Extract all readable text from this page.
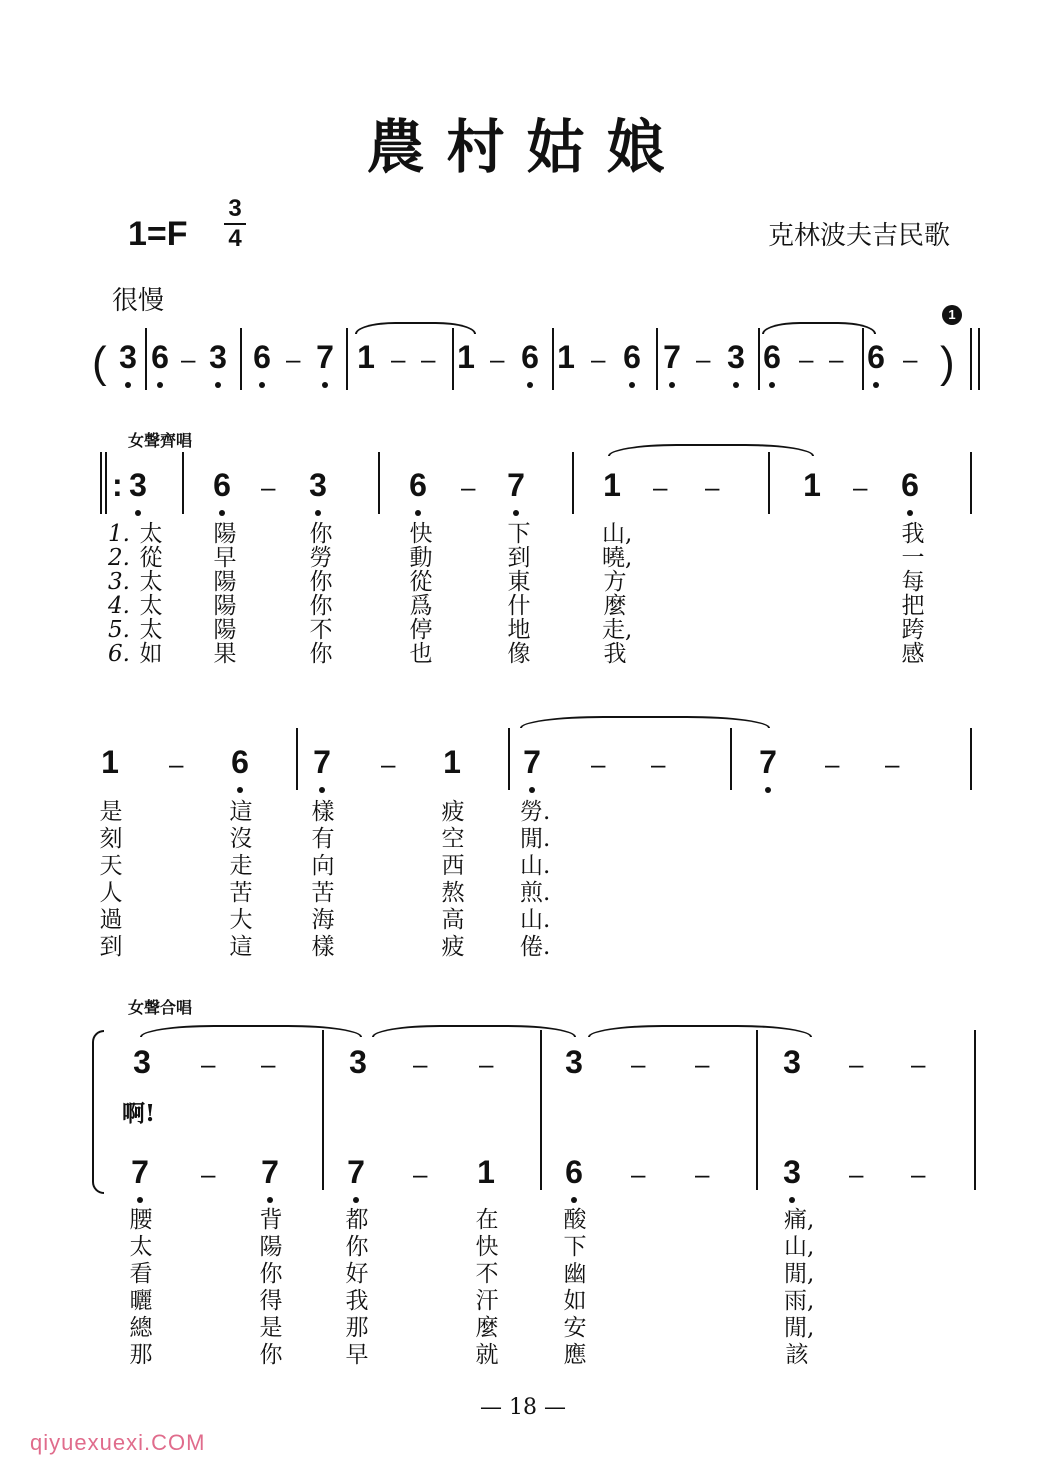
農村姑娘
1=F
3
4	克林波夫吉民歌
很慢	1
(	)
3 6 – 3 6 – 7 1 – – 1 – 6 1 – 6 7 – 3 6 – – 6 –
女聲齊唱
: 3 6 – 3	6 – 7 1 – –	1 – 6
1.
2.
3.
4.
5.
6.
太 陽	你	快	下	山,	我
從 早	勞	動	到	曉,	一
太 陽	你	從	東	方	每
太 陽	你	爲	什	麼	把
太 陽	不	停	地	走,	跨
如 果	你	也	像	我	感
1 – 6 7 – 1 7 – –	7 – –
是	這	樣	疲 勞.
刻	沒	有	空 閒.
天	走	向	西 山.
人	苦	苦	熬 煎.
過	大	海	高 山.
到	這	樣	疲 倦.
女聲合唱
啊!
3 – – 3 – – 3 – – 3 – –
7 – 7 7 – 1 6 – – 3 – –
腰	背	都	在	酸	痛,
太	陽	你	快	下	山,
看	你	好	不	幽	閒,
曬	得	我	汗	如	雨,
總	是	那	麼	安	閒,
那	你	早	就	應	該
— 18 —
qiyuexuexi.COM
